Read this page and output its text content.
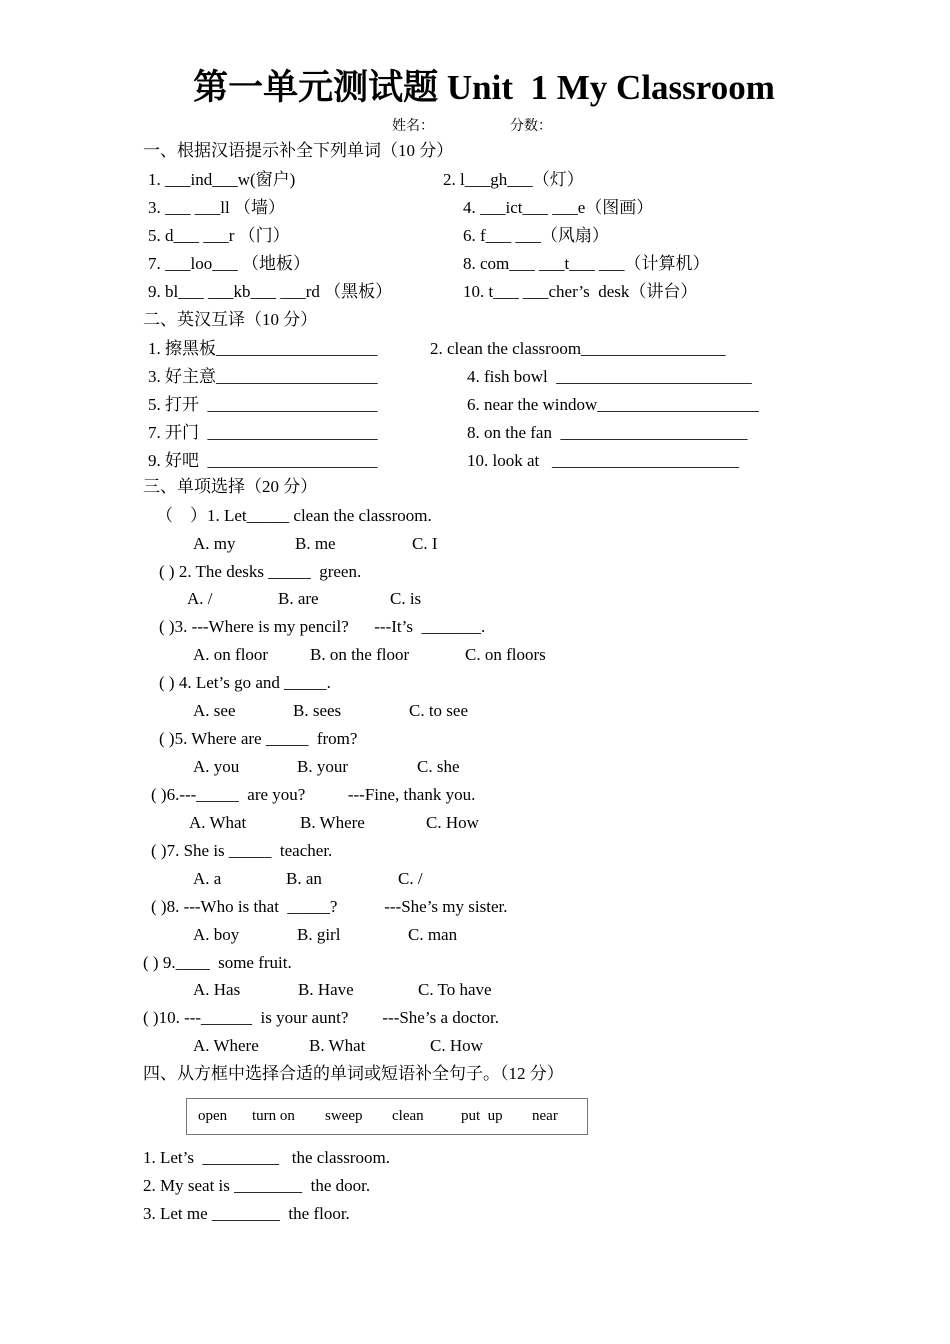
第一单元测试题 Unit  1 My Classroom
姓名：	分数：
一、根据汉语提示补全下列单词（10 分）
1. ___ind___w(窗户)	2. l___gh___（灯）
3. ___ ___ll （墙）	4. ___ict___ ___e（图画）
5. d___ ___r （门）	6. f___ ___（风扇）
7. ___loo___ （地板）	8. com___ ___t___ ___（计算机）
9. bl___ ___kb___ ___rd （黑板）	10. t___ ___cher’s  desk（讲台）
二、英汉互译（10 分）
1. 擦黑板___________________	2. clean the classroom_________________
3. 好主意___________________	4. fish bowl  _______________________
5. 打开  ____________________	6. near the window___________________
7. 开门  ____________________	8. on the fan  ______________________
9. 好吧  ____________________	10. look at   ______________________
三、单项选择（20 分）
（    ）1. Let_____ clean the classroom.
A. my	B. me	C. I
( ) 2. The desks _____  green.
A. /	B. are	C. is
( )3. ---Where is my pencil?      ---It’s  _______.
A. on floor B. on the floor	C. on floors
( ) 4. Let’s go and _____.
A. see	B. sees	C. to see
( )5. Where are _____  from?
A. you	B. your	C. she
( )6.---_____  are you?          ---Fine, thank you.
A. What	B. Where	C. How
( )7. She is _____  teacher.
A. a	B. an	C. /
( )8. ---Who is that  _____?           ---She’s my sister.
A. boy	B. girl	C. man
( ) 9.____  some fruit.
A. Has	B. Have	C. To have
( )10. ---______  is your aunt?        ---She’s a doctor.
A. Where	B. What	C. How
四、从方框中选择合适的单词或短语补全句子。（12 分）
open turn on sweep clean put  up near
1. Let’s  _________   the classroom.
2. My seat is ________  the door.
3. Let me ________  the floor.
